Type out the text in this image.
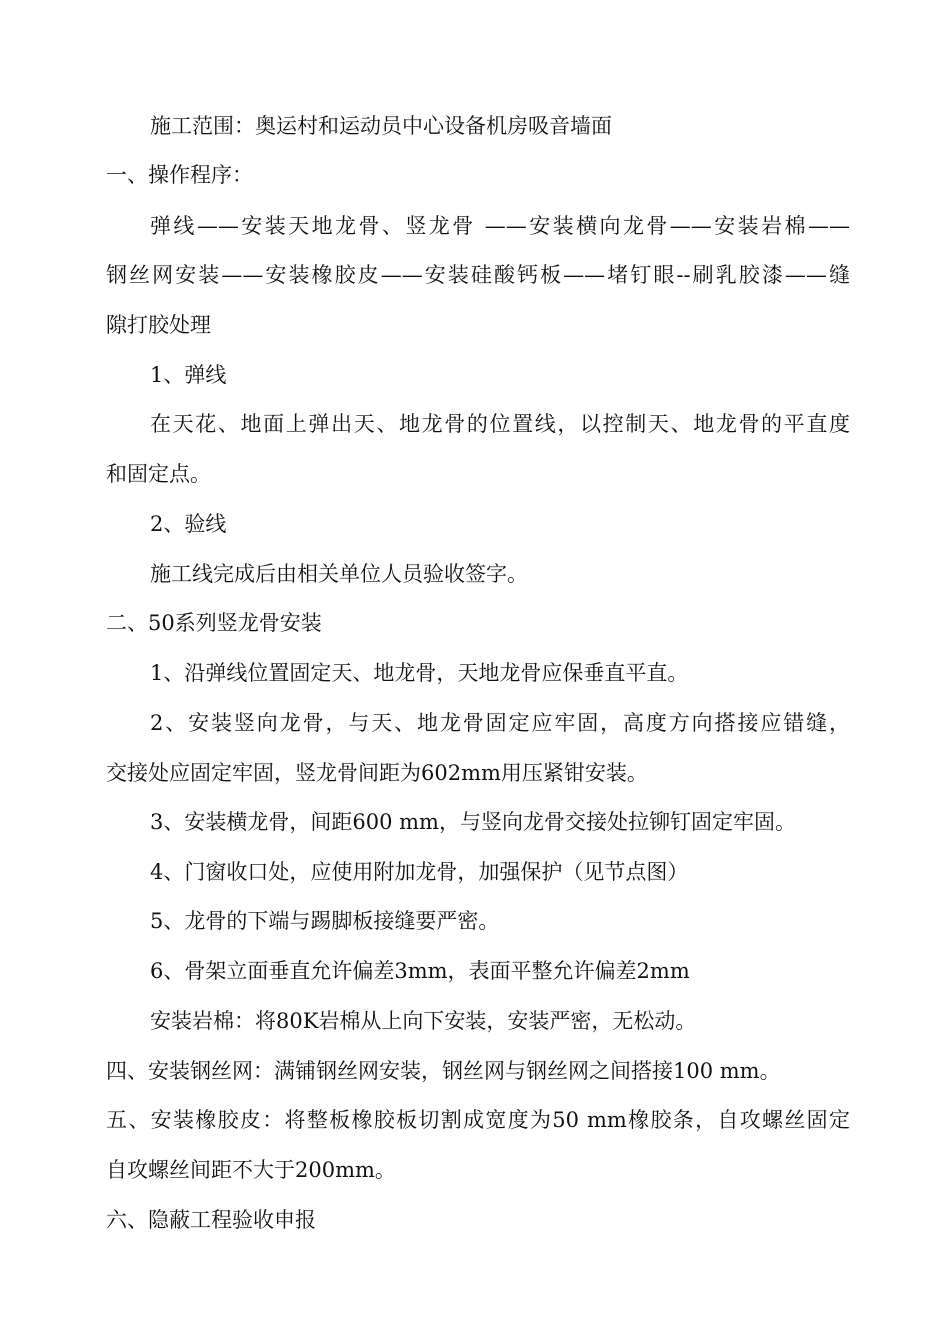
施工范围：奥运村和运动员中心设备机房吸音墙面
一、操作程序：
弹线——安装天地龙骨、竖龙骨 ——安装横向龙骨——安装岩棉——
钢丝网安装——安装橡胶皮——安装硅酸钙板——堵钉眼--刷乳胶漆——缝
隙打胶处理
1、弹线
在天花、地面上弹出天、地龙骨的位置线，以控制天、地龙骨的平直度
和固定点。
2、验线
施工线完成后由相关单位人员验收签字。
二、50系列竖龙骨安装
1、沿弹线位置固定天、地龙骨，天地龙骨应保垂直平直。
2、安装竖向龙骨，与天、地龙骨固定应牢固，高度方向搭接应错缝，
交接处应固定牢固，竖龙骨间距为602mm用压紧钳安装。
3、安装横龙骨，间距600 mm，与竖向龙骨交接处拉铆钉固定牢固。
4、门窗收口处，应使用附加龙骨，加强保护（见节点图）
5、龙骨的下端与踢脚板接缝要严密。
6、骨架立面垂直允许偏差3mm，表面平整允许偏差2mm
安装岩棉：将80K岩棉从上向下安装，安装严密，无松动。
四、安装钢丝网：满铺钢丝网安装，钢丝网与钢丝网之间搭接100 mm。
五、安装橡胶皮：将整板橡胶板切割成宽度为50 mm橡胶条，自攻螺丝固定
自攻螺丝间距不大于200mm。
六、隐蔽工程验收申报
